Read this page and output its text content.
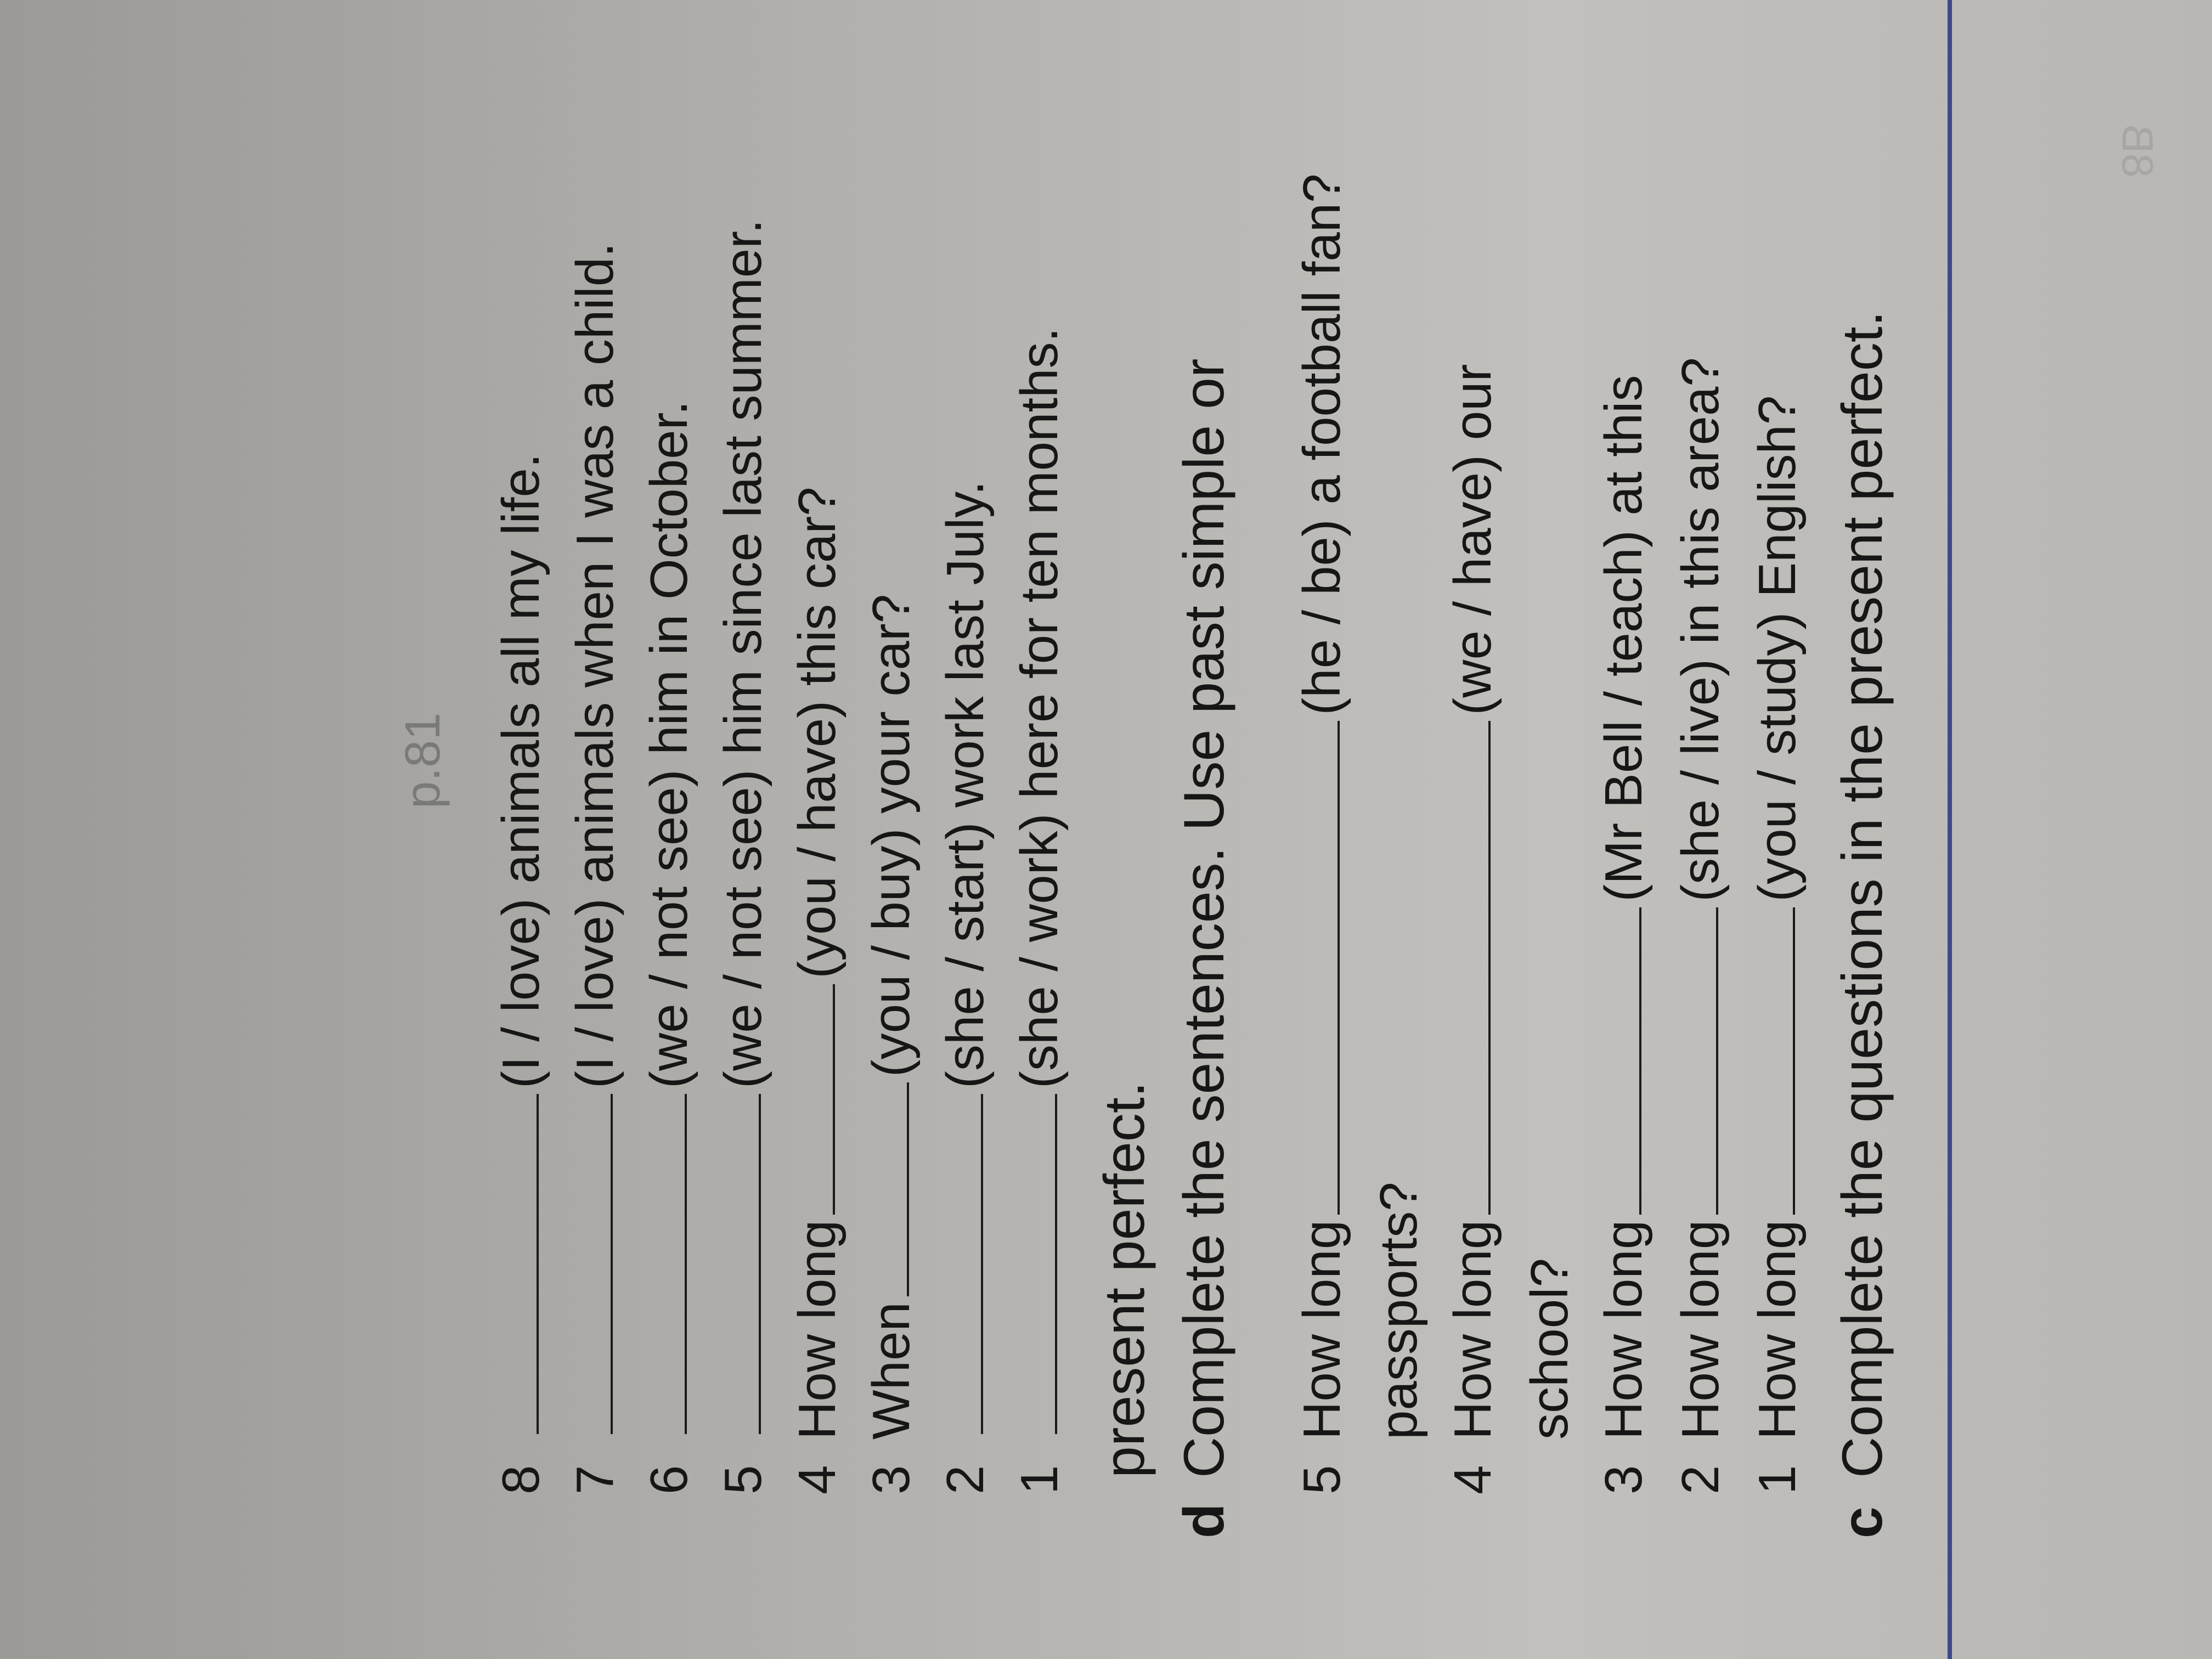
8B
cComplete the questions in the present perfect.
1How long(you / study) English?
2How long(she / live) in this area?
3How long(Mr Bell / teach) at this
school?
4How long(we / have) our
passports?
5How long(he / be) a football fan?
dComplete the sentences. Use past simple or
present perfect.
1(she / work) here for ten months.
2(she / start) work last July.
3When(you / buy) your car?
4How long(you / have) this car?
5(we / not see) him since last summer.
6(we / not see) him in October.
7(I / love) animals when I was a child.
8(I / love) animals all my life.
p.81
